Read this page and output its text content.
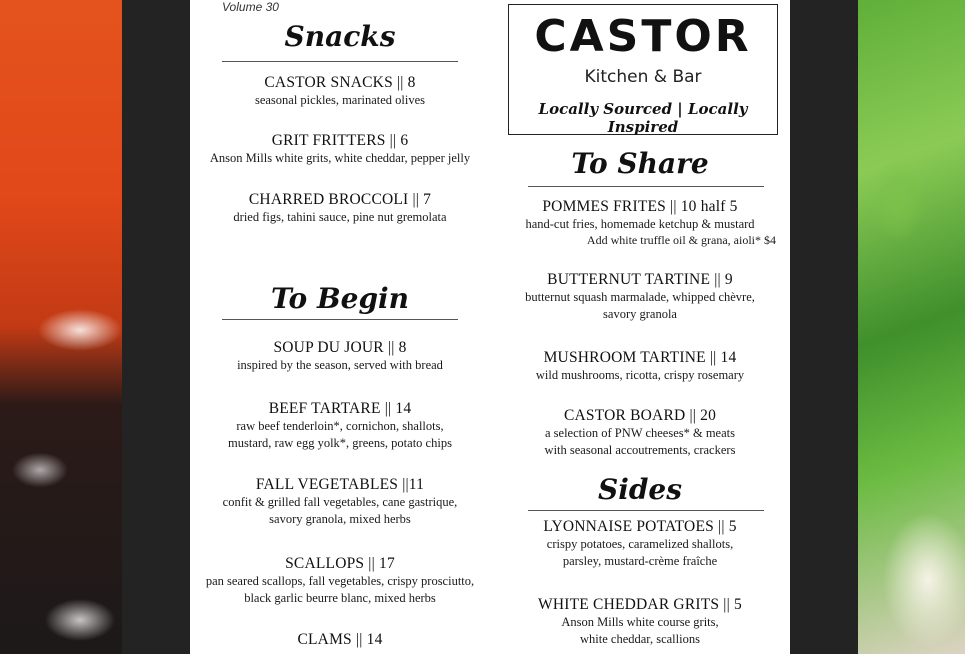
Volume 30
Snacks
CASTOR SNACKS || 8
seasonal pickles, marinated olives
GRIT FRITTERS || 6
Anson Mills white grits, white cheddar, pepper jelly
CHARRED BROCCOLI || 7
dried figs, tahini sauce, pine nut gremolata
To Begin
SOUP DU JOUR || 8
inspired by the season, served with bread
BEEF TARTARE || 14
raw beef tenderloin*, cornichon, shallots,
mustard, raw egg yolk*, greens, potato chips
FALL VEGETABLES ||11
confit & grilled fall vegetables, cane gastrique,
savory granola, mixed herbs
SCALLOPS || 17
pan seared scallops, fall vegetables, crispy prosciutto,
black garlic beurre blanc, mixed herbs
CLAMS || 14
CASTOR
Kitchen & Bar
Locally Sourced | Locally Inspired
To Share
POMMES FRITES || 10 half 5
hand-cut fries, homemade ketchup & mustard
Add white truffle oil & grana, aioli* $4
BUTTERNUT TARTINE || 9
butternut squash marmalade, whipped chèvre,
savory granola
MUSHROOM TARTINE || 14
wild mushrooms, ricotta, crispy rosemary
CASTOR BOARD || 20
a selection of PNW cheeses* & meats
with seasonal accoutrements, crackers
Sides
LYONNAISE POTATOES || 5
crispy potatoes, caramelized shallots,
parsley, mustard-crème fraîche
WHITE CHEDDAR GRITS || 5
Anson Mills white course grits,
white cheddar, scallions
